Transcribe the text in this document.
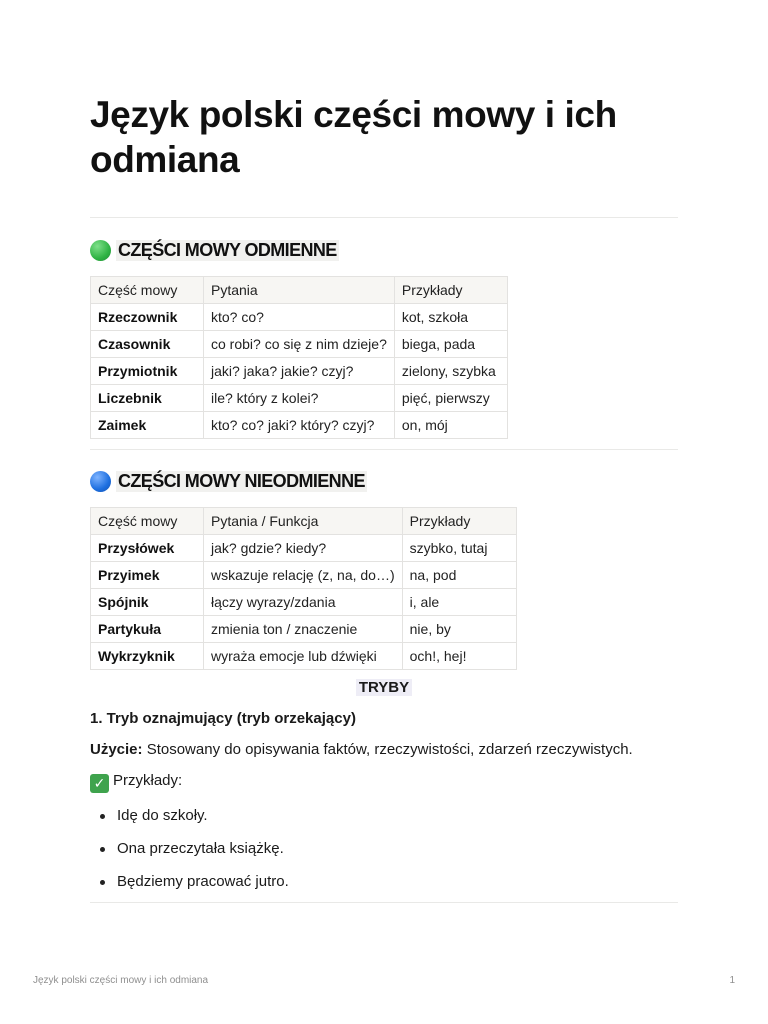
Język polski części mowy i ich odmiana
CZĘŚCI MOWY ODMIENNE
Część mowy	Pytania	Przykłady
Rzeczownik	kto? co?	kot, szkoła
Czasownik	co robi? co się z nim dzieje?	biega, pada
Przymiotnik	jaki? jaka? jakie? czyj?	zielony, szybka
Liczebnik	ile? który z kolei?	pięć, pierwszy
Zaimek	kto? co? jaki? który? czyj?	on, mój
CZĘŚCI MOWY NIEODMIENNE
Część mowy	Pytania / Funkcja	Przykłady
Przysłówek	jak? gdzie? kiedy?	szybko, tutaj
Przyimek	wskazuje relację (z, na, do…)	na, pod
Spójnik	łączy wyrazy/zdania	i, ale
Partykuła	zmienia ton / znaczenie	nie, by
Wykrzyknik	wyraża emocje lub dźwięki	och!, hej!
TRYBY

1. Tryb oznajmujący (tryb orzekający)

Użycie: Stosowany do opisywania faktów, rzeczywistości, zdarzeń rzeczywistych.

✓ Przykłady:

Idę do szkoły.
Ona przeczytała książkę.
Będziemy pracować jutro.
Język polski części mowy i ich odmiana	1
